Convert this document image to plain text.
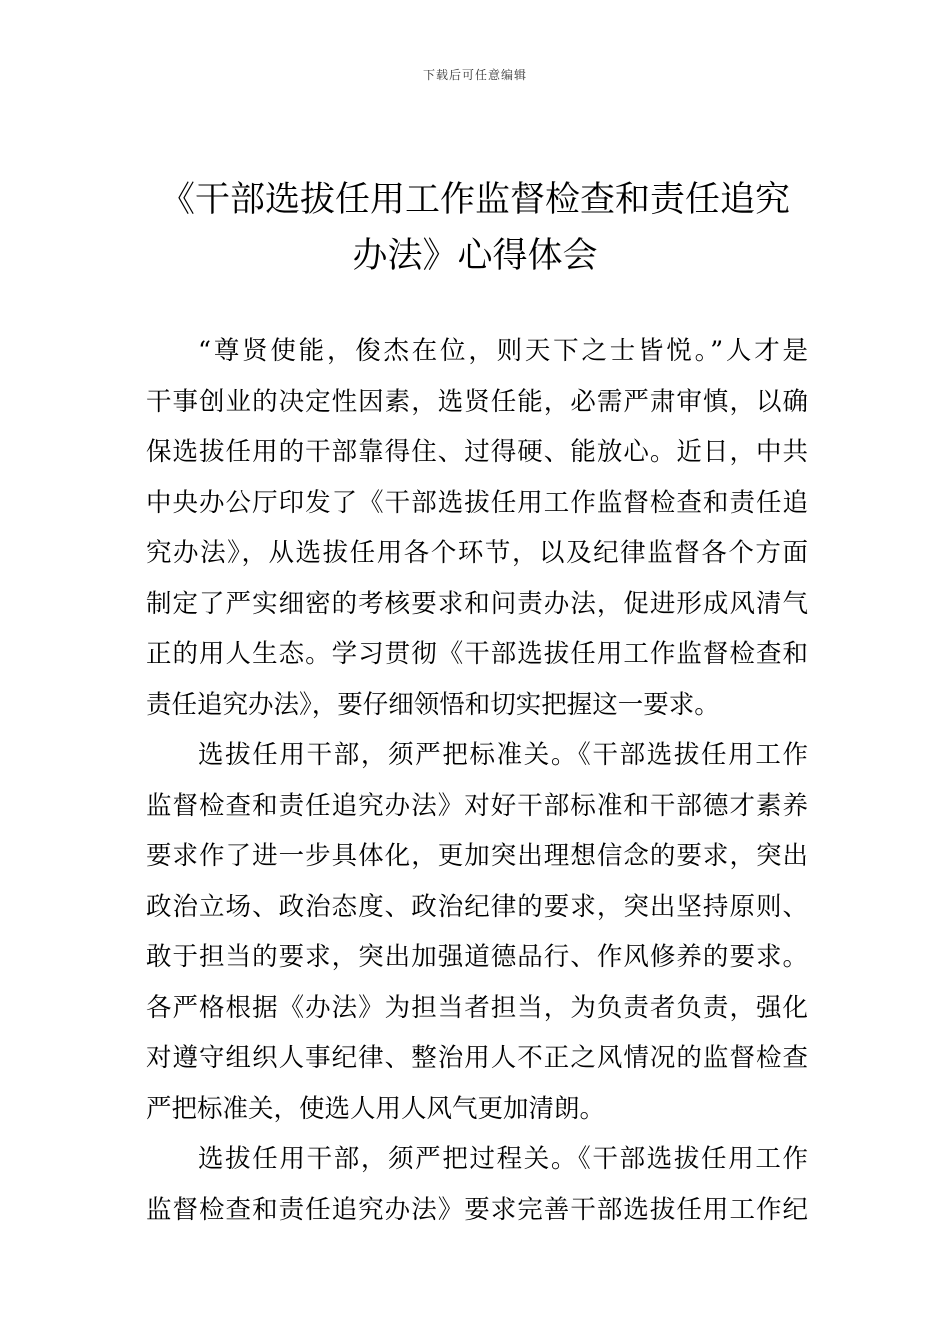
下载后可任意编辑
《干部选拔任用工作监督检查和责任追究
办法》心得体会
“尊贤使能，俊杰在位，则天下之士皆悦。”人才是
干事创业的决定性因素，选贤任能，必需严肃审慎，以确
保选拔任用的干部靠得住、过得硬、能放心。近日，中共
中央办公厅印发了《干部选拔任用工作监督检查和责任追
究办法》，从选拔任用各个环节，以及纪律监督各个方面
制定了严实细密的考核要求和问责办法，促进形成风清气
正的用人生态。学习贯彻《干部选拔任用工作监督检查和
责任追究办法》，要仔细领悟和切实把握这一要求。
选拔任用干部，须严把标准关。《干部选拔任用工作
监督检查和责任追究办法》对好干部标准和干部德才素养
要求作了进一步具体化，更加突出理想信念的要求，突出
政治立场、政治态度、政治纪律的要求，突出坚持原则、
敢于担当的要求，突出加强道德品行、作风修养的要求。
各严格根据《办法》为担当者担当，为负责者负责，强化
对遵守组织人事纪律、整治用人不正之风情况的监督检查
严把标准关，使选人用人风气更加清朗。
选拔任用干部，须严把过程关。《干部选拔任用工作
监督检查和责任追究办法》要求完善干部选拔任用工作纪
